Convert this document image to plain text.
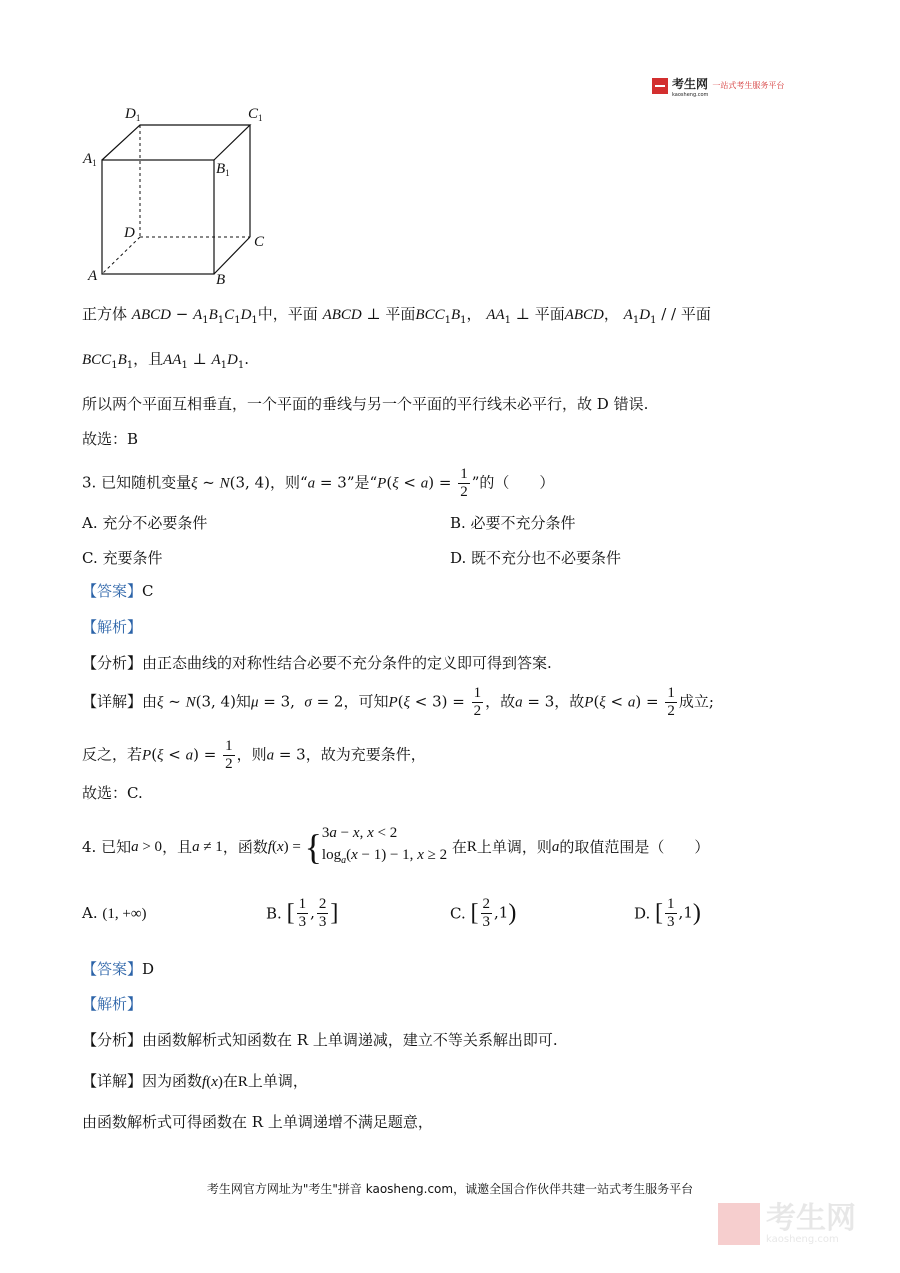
考生网
kaosheng.com
一站式考生服务平台
$D_1$	$C_1$
$A_1$	$B_1$
D
C
A	B
正方体 ABCD − $A_1B_1C_1D_1$中，平面 ABCD ⊥ 平面$BCC_1B_1$， $AA_1$ ⊥ 平面ABCD， $A_1D_1$ / / 平面
$BCC_1B_1$，且$AA_1$ ⊥ $A_1D_1$.
所以两个平面互相垂直，一个平面的垂线与另一个平面的平行线未必平行，故 D 错误.
故选：B
3. 已知随机变量ξ ~ N(3, 4)，则“a = 3”是“$P(\xi < a) = \frac{1}{2}$ ”的（　　）
A. 充分不必要条件	B. 必要不充分条件
C. 充要条件	D. 既不充分也不必要条件
【答案】C
【解析】
【分析】由正态曲线的对称性结合必要不充分条件的定义即可得到答案.
【详解】由ξ ~ N(3, 4)知μ = 3,  σ = 2，可知$P(\xi < 3) = \frac{1}{2}$ ，故a = 3，故$P(\xi < a) = \frac{1}{2}$ 成立;
反之，若$P(\xi < a) = \frac{1}{2}$ ，则a = 3，故为充要条件，
故选：C.
4. 已知a > 0，且a ≠ 1，函数f(x) = {3a − x, x < 2
$\log_a(x - 1) - 1$, x ≥ 2 在R上单调，则a的取值范围是（　　）
A. (1, +∞)	B. [ $\frac{1}{3}$ , $\frac{2}{3}$ ]	C. [ $\frac{2}{3} ,1$)	D. [ $\frac{1}{3} ,1$)
【答案】D
【解析】
【分析】由函数解析式知函数在 R 上单调递减，建立不等关系解出即可.
【详解】因为函数f(x)在R上单调，
由函数解析式可得函数在 R 上单调递增不满足题意，
考生网官方网址为"考生"拼音 kaosheng.com，诚邀全国合作伙伴共建一站式考生服务平台
考生网
kaosheng.com
